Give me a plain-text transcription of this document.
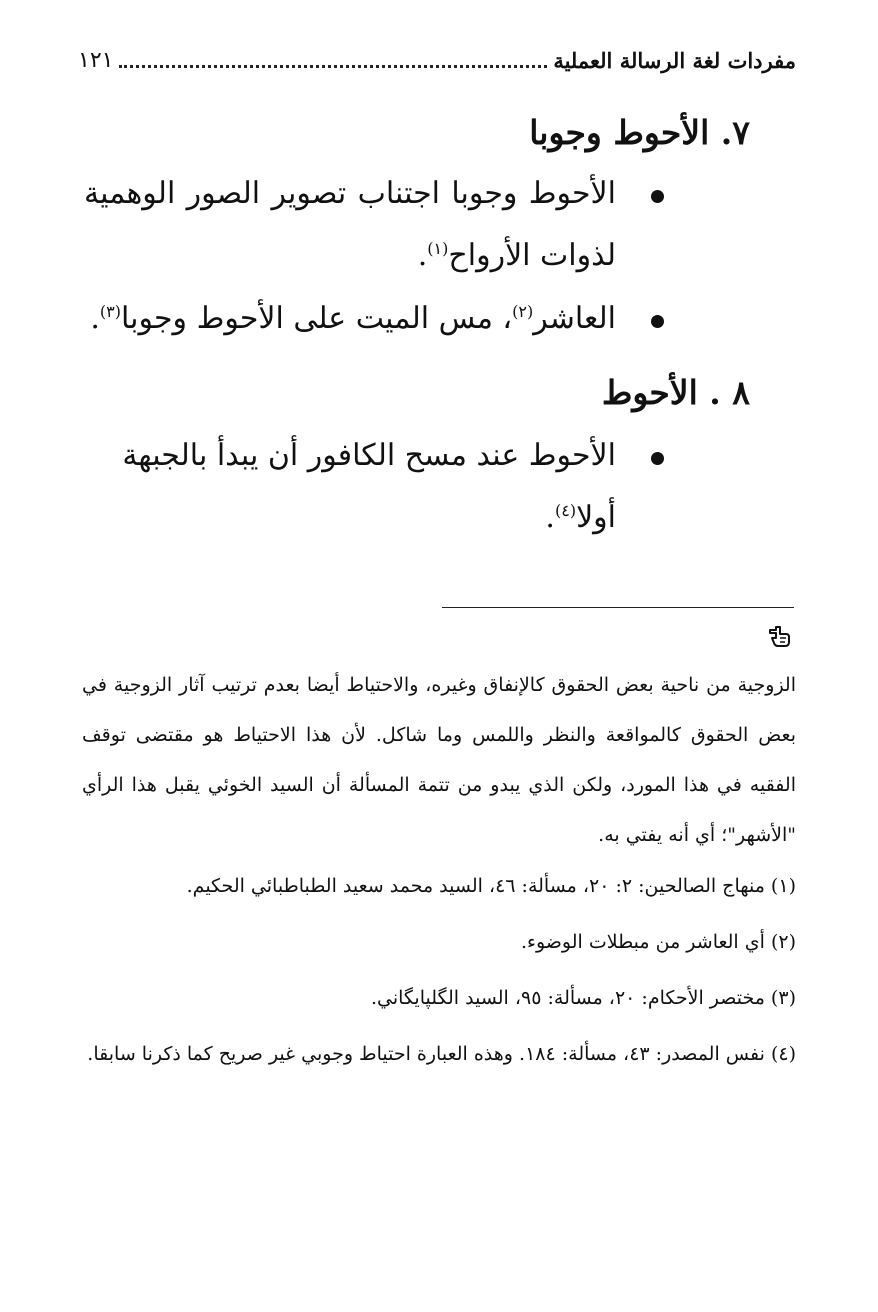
مفردات لغة الرسالة العملية
١٢١
٧. الأحوط وجوبا
الأحوط وجوبا اجتناب تصوير الصور الوهمية لذوات الأرواح$^{(١)}$.
العاشر$^{(٢)}$، مس الميت على الأحوط وجوبا$^{(٣)}$.
٨ . الأحوط
الأحوط عند مسح الكافور أن يبدأ بالجبهة أولا$^{(٤)}$.
الزوجية من ناحية بعض الحقوق كالإنفاق وغيره، والاحتياط أيضا بعدم ترتيب آثار الزوجية في بعض الحقوق كالمواقعة والنظر واللمس وما شاكل. لأن هذا الاحتياط هو مقتضى توقف الفقيه في هذا المورد، ولكن الذي يبدو من تتمة المسألة أن السيد الخوئي يقبل هذا الرأي "الأشهر"؛ أي أنه يفتي به.
(١) منهاج الصالحين: ٢: ٢٠، مسألة: ٤٦، السيد محمد سعيد الطباطبائي الحكيم.
(٢) أي العاشر من مبطلات الوضوء.
(٣) مختصر الأحكام: ٢٠، مسألة: ٩٥، السيد الگلپايگاني.
(٤) نفس المصدر: ٤٣، مسألة: ١٨٤. وهذه العبارة احتياط وجوبي غير صريح كما ذكرنا سابقا.
